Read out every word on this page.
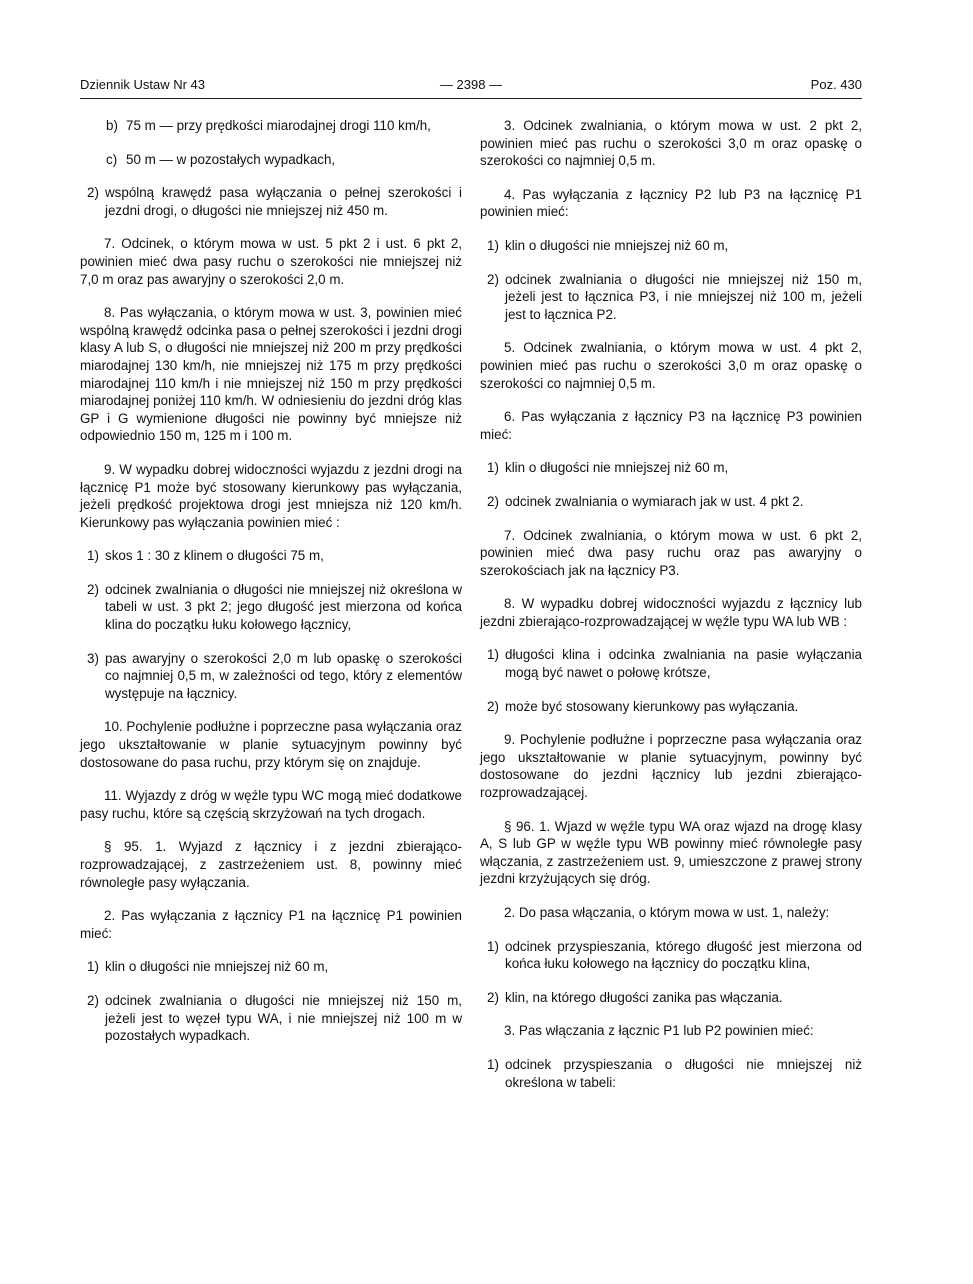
Dziennik Ustaw Nr 43	— 2398 —	Poz. 430
b) 75 m — przy prędkości miarodajnej drogi 110 km/h,
c) 50 m — w pozostałych wypadkach,
2) wspólną krawędź pasa wyłączania o pełnej szerokości i jezdni drogi, o długości nie mniejszej niż 450 m.
7. Odcinek, o którym mowa w ust. 5 pkt 2 i ust. 6 pkt 2, powinien mieć dwa pasy ruchu o szerokości nie mniejszej niż 7,0 m oraz pas awaryjny o szerokości 2,0 m.
8. Pas wyłączania, o którym mowa w ust. 3, powinien mieć wspólną krawędź odcinka pasa o pełnej szerokości i jezdni drogi klasy A lub S, o długości nie mniejszej niż 200 m przy prędkości miarodajnej 130 km/h, nie mniejszej niż 175 m przy prędkości miarodajnej 110 km/h i nie mniejszej niż 150 m przy prędkości miarodajnej poniżej 110 km/h. W odniesieniu do jezdni dróg klas GP i G wymienione długości nie powinny być mniejsze niż odpowiednio 150 m, 125 m i 100 m.
9. W wypadku dobrej widoczności wyjazdu z jezdni drogi na łącznicę P1 może być stosowany kierunkowy pas wyłączania, jeżeli prędkość projektowa drogi jest mniejsza niż 120 km/h. Kierunkowy pas wyłączania powinien mieć :
1) skos 1 : 30 z klinem o długości 75 m,
2) odcinek zwalniania o długości nie mniejszej niż określona w tabeli w ust. 3 pkt 2; jego długość jest mierzona od końca klina do początku łuku kołowego łącznicy,
3) pas awaryjny o szerokości 2,0 m lub opaskę o szerokości co najmniej 0,5 m, w zależności od tego, który z elementów występuje na łącznicy.
10. Pochylenie podłużne i poprzeczne pasa wyłączania oraz jego ukształtowanie w planie sytuacyjnym powinny być dostosowane do pasa ruchu, przy którym się on znajduje.
11. Wyjazdy z dróg w węźle typu WC mogą mieć dodatkowe pasy ruchu, które są częścią skrzyżowań na tych drogach.
§ 95. 1. Wyjazd z łącznicy i z jezdni zbierająco-rozprowadzającej, z zastrzeżeniem ust. 8, powinny mieć równoległe pasy wyłączania.
2. Pas wyłączania z łącznicy P1 na łącznicę P1 powinien mieć:
1) klin o długości nie mniejszej niż 60 m,
2) odcinek zwalniania o długości nie mniejszej niż 150 m, jeżeli jest to węzeł typu WA, i nie mniejszej niż 100 m w pozostałych wypadkach.
3. Odcinek zwalniania, o którym mowa w ust. 2 pkt 2, powinien mieć pas ruchu o szerokości 3,0 m oraz opaskę o szerokości co najmniej 0,5 m.
4. Pas wyłączania z łącznicy P2 lub P3 na łącznicę P1 powinien mieć:
1) klin o długości nie mniejszej niż 60 m,
2) odcinek zwalniania o długości nie mniejszej niż 150 m, jeżeli jest to łącznica P3, i nie mniejszej niż 100 m, jeżeli jest to łącznica P2.
5. Odcinek zwalniania, o którym mowa w ust. 4 pkt 2, powinien mieć pas ruchu o szerokości 3,0 m oraz opaskę o szerokości co najmniej 0,5 m.
6. Pas wyłączania z łącznicy P3 na łącznicę P3 powinien mieć:
1) klin o długości nie mniejszej niż 60 m,
2) odcinek zwalniania o wymiarach jak w ust. 4 pkt 2.
7. Odcinek zwalniania, o którym mowa w ust. 6 pkt 2, powinien mieć dwa pasy ruchu oraz pas awaryjny o szerokościach jak na łącznicy P3.
8. W wypadku dobrej widoczności wyjazdu z łącznicy lub jezdni zbierająco-rozprowadzającej w węźle typu WA lub WB :
1) długości klina i odcinka zwalniania na pasie wyłączania mogą być nawet o połowę krótsze,
2) może być stosowany kierunkowy pas wyłączania.
9. Pochylenie podłużne i poprzeczne pasa wyłączania oraz jego ukształtowanie w planie sytuacyjnym, powinny być dostosowane do jezdni łącznicy lub jezdni zbierająco-rozprowadzającej.
§ 96. 1. Wjazd w węźle typu WA oraz wjazd na drogę klasy A, S lub GP w węźle typu WB powinny mieć równoległe pasy włączania, z zastrzeżeniem ust. 9, umieszczone z prawej strony jezdni krzyżujących się dróg.
2. Do pasa włączania, o którym mowa w ust. 1, należy:
1) odcinek przyspieszania, którego długość jest mierzona od końca łuku kołowego na łącznicy do początku klina,
2) klin, na którego długości zanika pas włączania.
3. Pas włączania z łącznic P1 lub P2 powinien mieć:
1) odcinek przyspieszania o długości nie mniejszej niż określona w tabeli:
